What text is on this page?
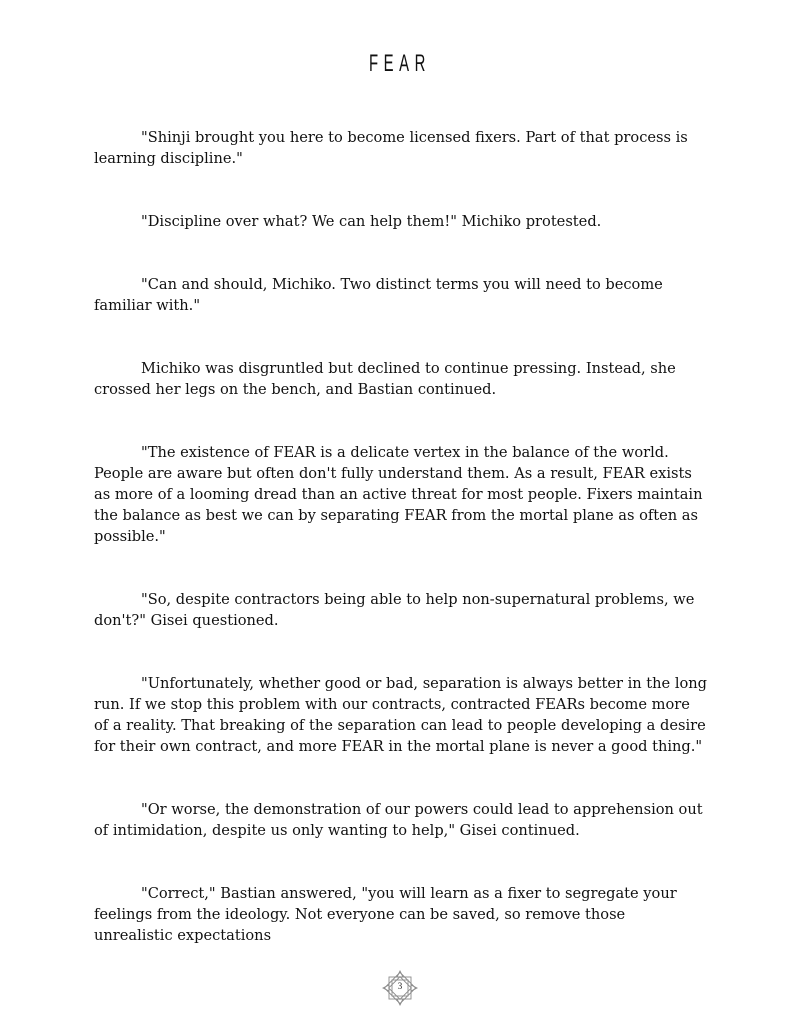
FEAR

"Shinji brought you here to become licensed fixers. Part of that process is learning discipline."

"Discipline over what? We can help them!" Michiko protested.

"Can and should, Michiko. Two distinct terms you will need to become familiar with."

Michiko was disgruntled but declined to continue pressing. Instead, she crossed her legs on the bench, and Bastian continued.

"The existence of FEAR is a delicate vertex in the balance of the world. People are aware but often don't fully understand them. As a result, FEAR exists as more of a looming dread than an active threat for most people. Fixers maintain the balance as best we can by separating FEAR from the mortal plane as often as possible."

"So, despite contractors being able to help non-supernatural problems, we don't?" Gisei questioned.

"Unfortunately, whether good or bad, separation is always better in the long run. If we stop this problem with our contracts, contracted FEARs become more of a reality. That breaking of the separation can lead to people developing a desire for their own contract, and more FEAR in the mortal plane is never a good thing."

"Or worse, the demonstration of our powers could lead to apprehension out of intimidation, despite us only wanting to help," Gisei continued.

"Correct," Bastian answered, "you will learn as a fixer to segregate your feelings from the ideology. Not everyone can be saved, so remove those unrealistic expectations

3
